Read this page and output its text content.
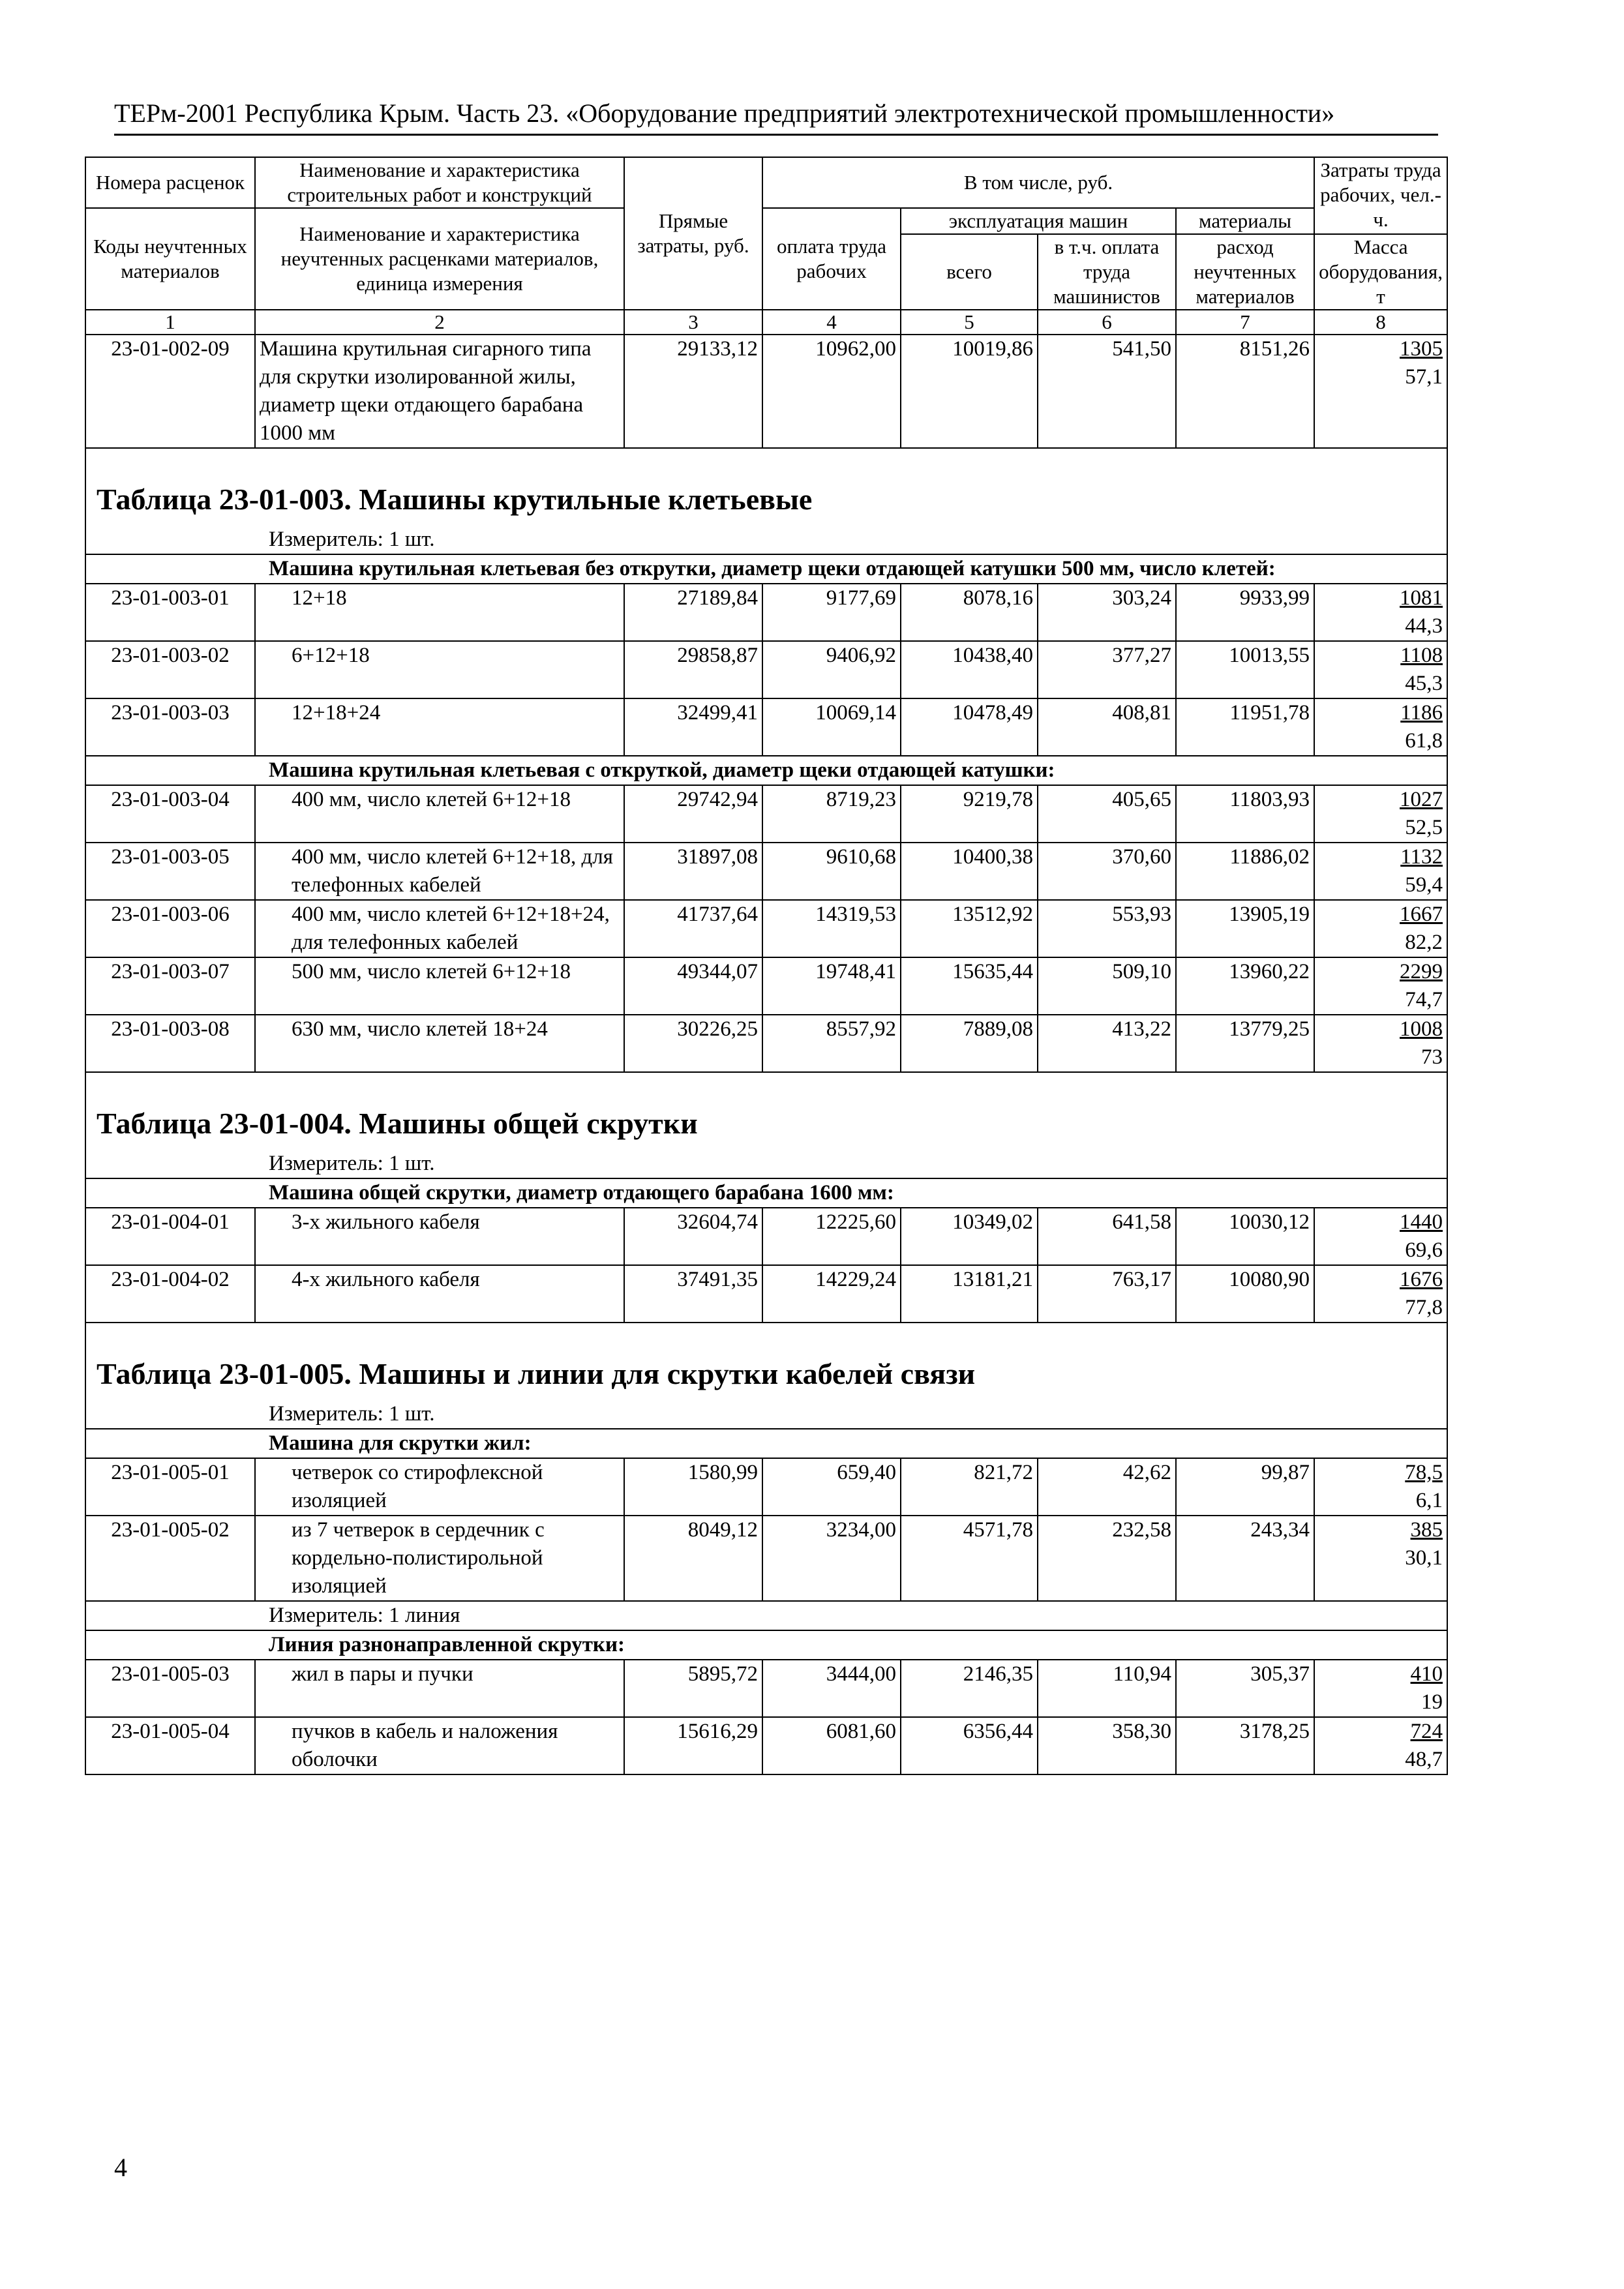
ТЕРм-2001 Республика Крым. Часть 23. «Оборудование предприятий электротехнической промышленности»
Номера расценок	Наименование и характеристика строительных работ и конструкций	Прямые затраты, руб.	В том числе, руб.				Затраты труда рабочих, чел.-ч.
Коды неучтенных материалов	Наименование и характеристика неучтенных расценками материалов, единица измерения		оплата труда рабочих	эксплуатация машин		материалы	
				всего	в т.ч. оплата труда машинистов	расход неучтенных материалов	Масса оборудования, т
1	2	3	4	5	6	7	8
23-01-002-09	Машина крутильная сигарного типа для скрутки изолированной жилы, диаметр щеки отдающего барабана 1000 мм	29133,12	10962,00	10019,86	541,50	8151,26	1305
57,1

Таблица 23-01-003. Машины крутильные клетьевые							
Измеритель: 1 шт.							
Машина крутильная клетьевая без открутки, диаметр щеки отдающей катушки 500 мм, число клетей:							
23-01-003-01	12+18	27189,84	9177,69	8078,16	303,24	9933,99	1081
44,3

23-01-003-02	6+12+18	29858,87	9406,92	10438,40	377,27	10013,55	1108
45,3

23-01-003-03	12+18+24	32499,41	10069,14	10478,49	408,81	11951,78	1186
61,8

Машина крутильная клетьевая с откруткой, диаметр щеки отдающей катушки:							
23-01-003-04	400 мм, число клетей 6+12+18	29742,94	8719,23	9219,78	405,65	11803,93	1027
52,5

23-01-003-05	400 мм, число клетей 6+12+18, для телефонных кабелей	31897,08	9610,68	10400,38	370,60	11886,02	1132
59,4

23-01-003-06	400 мм, число клетей 6+12+18+24, для телефонных кабелей	41737,64	14319,53	13512,92	553,93	13905,19	1667
82,2

23-01-003-07	500 мм, число клетей 6+12+18	49344,07	19748,41	15635,44	509,10	13960,22	2299
74,7

23-01-003-08	630 мм, число клетей 18+24	30226,25	8557,92	7889,08	413,22	13779,25	1008
73

Таблица 23-01-004. Машины общей скрутки							
Измеритель: 1 шт.							
Машина общей скрутки, диаметр отдающего барабана 1600 мм:							
23-01-004-01	3-х жильного кабеля	32604,74	12225,60	10349,02	641,58	10030,12	1440
69,6

23-01-004-02	4-х жильного кабеля	37491,35	14229,24	13181,21	763,17	10080,90	1676
77,8

Таблица 23-01-005. Машины и линии для скрутки кабелей связи							
Измеритель: 1 шт.							
Машина для скрутки жил:							
23-01-005-01	четверок со стирофлексной изоляцией	1580,99	659,40	821,72	42,62	99,87	78,5
6,1

23-01-005-02	из 7 четверок в сердечник с кордельно-полистирольной изоляцией	8049,12	3234,00	4571,78	232,58	243,34	385
30,1

Измеритель: 1 линия							
Линия разнонаправленной скрутки:							
23-01-005-03	жил в пары и пучки	5895,72	3444,00	2146,35	110,94	305,37	410
19

23-01-005-04	пучков в кабель и наложения оболочки	15616,29	6081,60	6356,44	358,30	3178,25	724
48,7
4
